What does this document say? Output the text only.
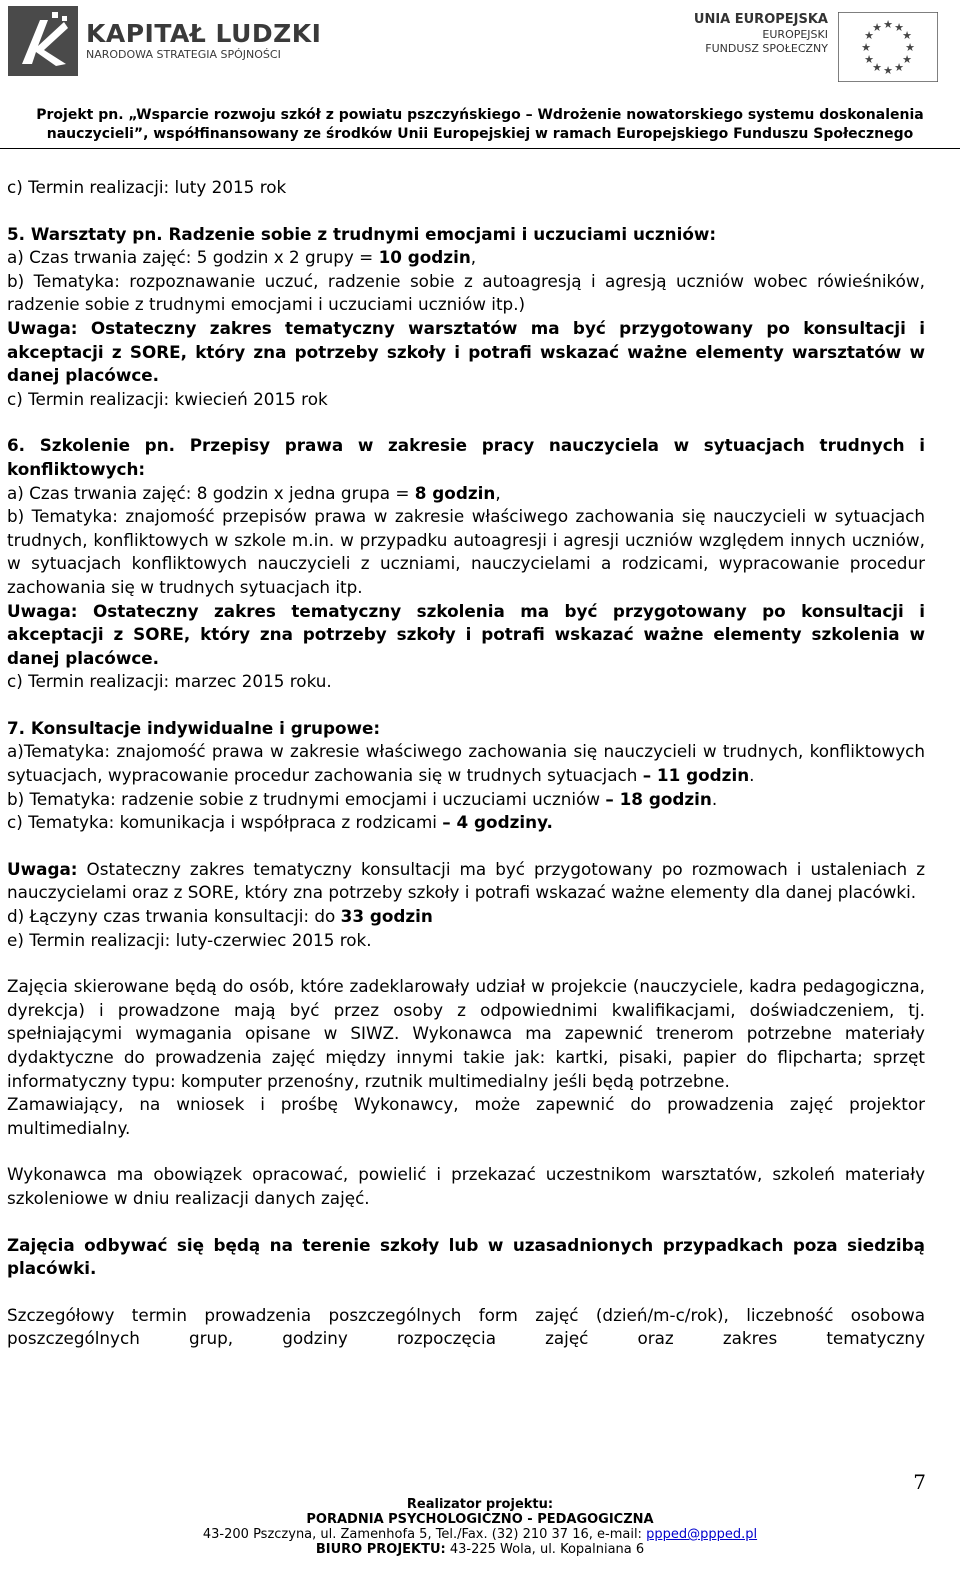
KAPITAŁ LUDZKI
NARODOWA STRATEGIA SPÓJNOŚCI
UNIA EUROPEJSKA
EUROPEJSKI
FUNDUSZ SPOŁECZNY
★ ★
★
★
★
★
★
★
★
★
★
★
Projekt pn. „Wsparcie rozwoju szkół z powiatu pszczyńskiego – Wdrożenie nowatorskiego systemu doskonalenia
nauczycieli”, współfinansowany ze środków Unii Europejskiej w ramach Europejskiego Funduszu Społecznego

c) Termin realizacji: luty 2015 rok

5. Warsztaty pn. Radzenie sobie z trudnymi emocjami i uczuciami uczniów:

a) Czas trwania zajęć: 5 godzin x 2 grupy = 10 godzin,

b) Tematyka: rozpoznawanie uczuć, radzenie sobie z autoagresją i agresją uczniów wobec rówieśników, radzenie sobie z trudnymi emocjami i uczuciami uczniów itp.)

Uwaga: Ostateczny zakres tematyczny warsztatów ma być przygotowany po konsultacji i akceptacji z SORE, który zna potrzeby szkoły i potrafi wskazać ważne elementy warsztatów w danej placówce.

c) Termin realizacji: kwiecień 2015 rok

6. Szkolenie pn. Przepisy prawa w zakresie pracy nauczyciela w sytuacjach trudnych i konfliktowych:

a) Czas trwania zajęć: 8 godzin x jedna grupa = 8 godzin,

b) Tematyka: znajomość przepisów prawa w zakresie właściwego zachowania się nauczycieli w sytuacjach trudnych, konfliktowych w szkole m.in. w przypadku autoagresji i agresji uczniów względem innych uczniów, w sytuacjach konfliktowych nauczycieli z uczniami, nauczycielami a rodzicami, wypracowanie procedur zachowania się w trudnych sytuacjach itp.

Uwaga: Ostateczny zakres tematyczny szkolenia ma być przygotowany po konsultacji i akceptacji z SORE, który zna potrzeby szkoły i potrafi wskazać ważne elementy szkolenia w danej placówce.

c) Termin realizacji: marzec 2015 roku.

7. Konsultacje indywidualne i grupowe:

a)Tematyka: znajomość prawa w zakresie właściwego zachowania się nauczycieli w trudnych, konfliktowych sytuacjach, wypracowanie procedur zachowania się w trudnych sytuacjach – 11 godzin.

b) Tematyka: radzenie sobie z trudnymi emocjami i uczuciami uczniów – 18 godzin.

c) Tematyka: komunikacja i współpraca z rodzicami – 4 godziny.

Uwaga: Ostateczny zakres tematyczny konsultacji ma być przygotowany po rozmowach i ustaleniach z nauczycielami oraz z SORE, który zna potrzeby szkoły i potrafi wskazać ważne elementy dla danej placówki.

d) Łączyny czas trwania konsultacji: do 33 godzin

e) Termin realizacji: luty-czerwiec 2015 rok.

Zajęcia skierowane będą do osób, które zadeklarowały udział w projekcie (nauczyciele, kadra pedagogiczna, dyrekcja) i prowadzone mają być przez osoby z odpowiednimi kwalifikacjami, doświadczeniem, tj. spełniającymi wymagania opisane w SIWZ. Wykonawca ma zapewnić trenerom potrzebne materiały dydaktyczne do prowadzenia zajęć między innymi takie jak: kartki, pisaki, papier do flipcharta; sprzęt informatyczny typu: komputer przenośny, rzutnik multimedialny jeśli będą potrzebne.

Zamawiający, na wniosek i prośbę Wykonawcy, może zapewnić do prowadzenia zajęć projektor multimedialny.

Wykonawca ma obowiązek opracować, powielić i przekazać uczestnikom warsztatów, szkoleń materiały szkoleniowe w dniu realizacji danych zajęć.

Zajęcia odbywać się będą na terenie szkoły lub w uzasadnionych przypadkach poza siedzibą placówki.

Szczegółowy termin prowadzenia poszczególnych form zajęć (dzień/m-c/rok), liczebność osobowa poszczególnych grup, godziny rozpoczęcia zajęć oraz zakres tematyczny

7
Realizator projektu:
PORADNIA PSYCHOLOGICZNO - PEDAGOGICZNA
43-200 Pszczyna, ul. Zamenhofa 5, Tel./Fax. (32) 210 37 16, e-mail: ppped@ppped.pl
BIURO PROJEKTU: 43-225 Wola, ul. Kopalniana 6
